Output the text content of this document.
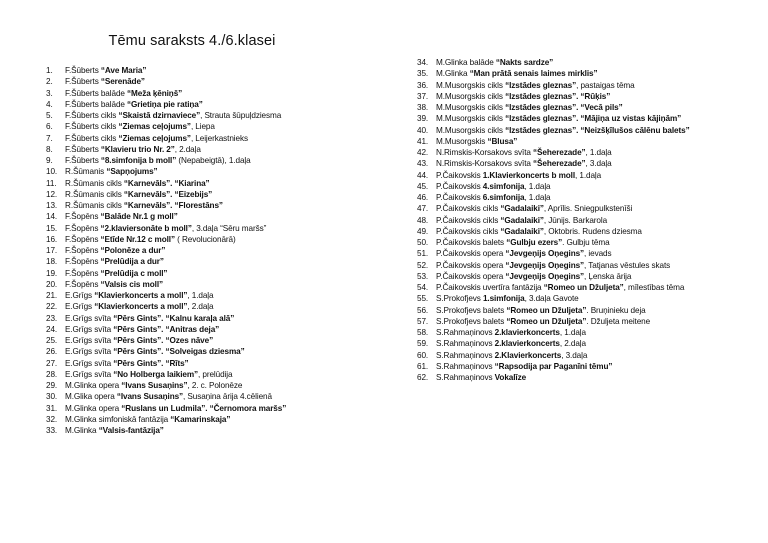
Tēmu saraksts 4./6.klasei
1. F.Šūberts “Ave Maria”
2. F.Šūberts “Serenāde”
3. F.Šūberts balāde “Meža ķēniņš”
4. F.Šūberts balāde “Grietiņa pie ratiņa”
5. F.Šūberts cikls “Skaistā dzirnaviece”, Strauta šūpuļdziesma
6. F.Šūberts cikls “Ziemas ceļojums”, Liepa
7. F.Šūberts cikls “Ziemas ceļojums”, Leijerkastnieks
8. F.Šūberts “Klavieru trio Nr. 2”, 2.daļa
9. F.Šūberts “8.simfonija b moll” (Nepabeigtā), 1.daļa
10. R.Šūmanis “Sapņojums”
11. R.Šūmanis cikls “Karnevāls”. “Kiarina”
12. R.Šūmanis cikls “Karnevāls”. “Eizebijs”
13. R.Šūmanis cikls “Karnevāls”. “Florestāns”
14. F.Šopēns “Balāde Nr.1 g moll”
15. F.Šopēns “2.klaviersonāte b moll”, 3.daļa “Sēru maršs”
16. F.Šopēns “Etīde Nr.12 c moll” ( Revolucionārā)
17. F.Šopēns “Polonēze a dur”
18. F.Šopēns “Prelūdija a dur”
19. F.Šopēns “Prelūdija c moll”
20. F.Šopēns “Valsis cis moll”
21. E.Grīgs “Klavierkoncerts a moll”, 1.daļa
22. E.Grīgs “Klavierkoncerts a moll”, 2.daļa
23. E.Grīgs svīta “Pērs Gints”. “Kalnu karaļa alā”
24. E.Grīgs svīta “Pērs Gints”. “Anitras deja”
25. E.Grīgs svīta “Pērs Gints”. “Ozes nāve”
26. E.Grīgs svīta “Pērs Gints”. “Solveigas dziesma”
27. E.Grīgs svīta “Pērs Gints”. “Rīts”
28. E.Grīgs svīta “No Holberga laikiem”, prelūdija
29. M.Glinka opera “Ivans Susaņins”, 2. c. Polonēze
30. M.Glika opera “Ivans Susaņins”, Susaņina ārija 4.cēlienā
31. M.Glinka opera “Ruslans un Ludmila”. “Černomora maršs”
32. M.Glinka simfoniskā fantāzija “Kamarinskaja”
33. M.Glinka “Valsis-fantāzija”
34. M.Glinka balāde “Nakts sardze”
35. M.Glinka “Man prātā senais laimes mirklis”
36. M.Musorgskis cikls “Izstādes gleznas”, pastaigas tēma
37. M.Musorgskis cikls “Izstādes gleznas”. “Rūķis”
38. M.Musorgskis cikls “Izstādes gleznas”. “Vecā pils”
39. M.Musorgskis cikls “Izstādes gleznas”. “Mājiņa uz vistas kājiņām”
40. M.Musorgskis cikls “Izstādes gleznas”. “Neizšķīlušos cālēnu balets”
41. M.Musorgskis “Blusa”
42. N.Rimskis-Korsakovs svīta “Šeherezade”, 1.daļa
43. N.Rimskis-Korsakovs svīta “Šeherezade”, 3.daļa
44. P.Čaikovskis 1.Klavierkoncerts b moll, 1.daļa
45. P.Čaikovskis 4.simfonija, 1.daļa
46. P.Čaikovskis 6.simfonija, 1.daļa
47. P.Čaikovskis cikls “Gadalaiki”, Aprīlis. Sniegpulkstenīši
48. P.Čaikovskis cikls “Gadalaiki”, Jūnijs. Barkarola
49. P.Čaikovskis cikls “Gadalaiki”, Oktobris. Rudens dziesma
50. P.Čaikovskis balets “Gulbju ezers”. Gulbju tēma
51. P.Čaikovskis opera “Jevgeņijs Oņegins”, ievads
52. P.Čaikovskis opera “Jevgeņijs Oņegins”, Tatjanas vēstules skats
53. P.Čaikovskis opera “Jevgeņijs Oņegins”, Ļenska ārija
54. P.Čaikovskis uvertīra fantāzija “Romeo un Džuljeta”, mīlestības tēma
55. S.Prokofjevs 1.simfonija, 3.daļa Gavote
56. S.Prokofjevs balets “Romeo un Džuljeta”. Bruņinieku deja
57. S.Prokofjevs balets “Romeo un Džuljeta”. Džuljeta meitene
58. S.Rahmaņinovs 2.klavierkoncerts, 1.daļa
59. S.Rahmaņinovs 2.klavierkoncerts, 2.daļa
60. S.Rahmaņinovs 2.Klavierkoncerts, 3.daļa
61. S.Rahmaņinovs “Rapsodija par Paganīni tēmu”
62. S.Rahmaņinovs Vokalīze
